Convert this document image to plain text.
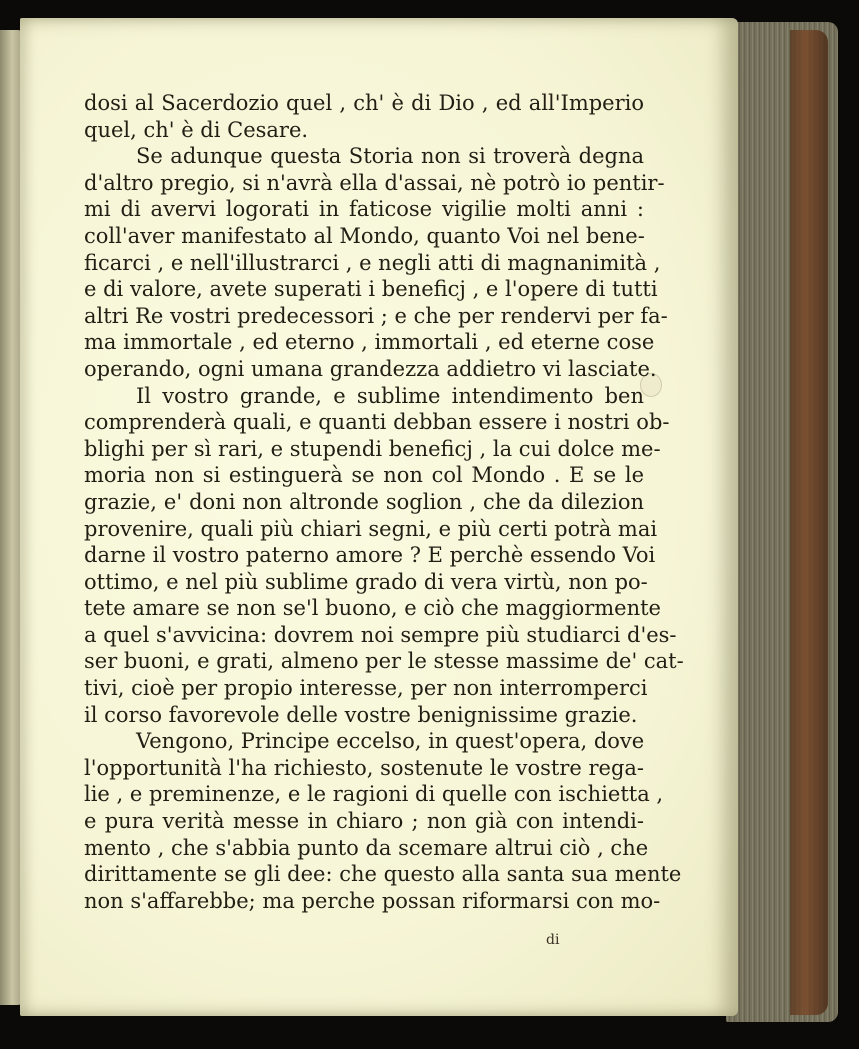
dosi al Sacerdozio quel , ch' è di Dio , ed all'Imperio
quel, ch' è di Cesare.
Se adunque questa Storia non si troverà degna
d'altro pregio, si n'avrà ella d'assai, nè potrò io pentir-
mi di avervi logorati in faticose vigilie molti anni :
coll'aver manifestato al Mondo, quanto Voi nel bene-
ficarci , e nell'illustrarci , e negli atti di magnanimità ,
e di valore, avete superati i beneficj , e l'opere di tutti
altri Re vostri predecessori ; e che per rendervi per fa-
ma immortale , ed eterno , immortali , ed eterne cose
operando, ogni umana grandezza addietro vi lasciate.
Il vostro grande, e sublime intendimento ben
comprenderà quali, e quanti debban essere i nostri ob-
blighi per sì rari, e stupendi beneficj , la cui dolce me-
moria non si estinguerà se non col Mondo . E se le
grazie, e' doni non altronde soglion , che da dilezion
provenire, quali più chiari segni, e più certi potrà mai
darne il vostro paterno amore ? E perchè essendo Voi
ottimo, e nel più sublime grado di vera virtù, non po-
tete amare se non se'l buono, e ciò che maggiormente
a quel s'avvicina: dovrem noi sempre più studiarci d'es-
ser buoni, e grati, almeno per le stesse massime de' cat-
tivi, cioè per propio interesse, per non interromperci
il corso favorevole delle vostre benignissime grazie.
Vengono, Principe eccelso, in quest'opera, dove
l'opportunità l'ha richiesto, sostenute le vostre rega-
lie , e preminenze, e le ragioni di quelle con ischietta ,
e pura verità messe in chiaro ; non già con intendi-
mento , che s'abbia punto da scemare altrui ciò , che
dirittamente se gli dee: che questo alla santa sua mente
non s'affarebbe; ma perche possan riformarsi con mo-
di
